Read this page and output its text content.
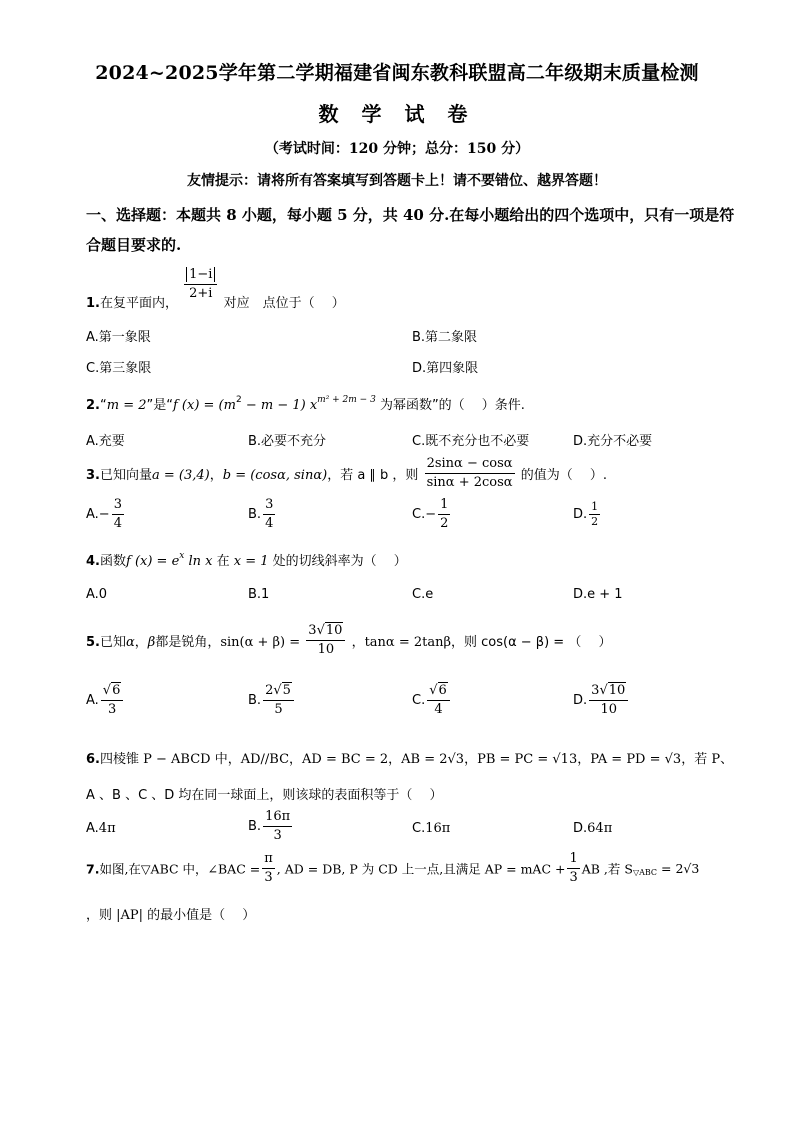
2024~2025学年第二学期福建省闽东教科联盟高二年级期末质量检测
数 学 试 卷
（考试时间：120 分钟；总分：150 分）
友情提示：请将所有答案填写到答题卡上！请不要错位、越界答题！
一、选择题：本题共 8 小题，每小题 5 分，共 40 分.在每小题给出的四个选项中，只有一项是符合题目要求的.
1.在复平面内，
$\frac{1-i}{2+i}$
对应　点位于（　 ）
A.第一象限	B.第二象限
C.第三象限	D.第四象限
2.“m = 2”是“f $(x) = (m^2 - m - 1)$ $x^{m^2 + 2m - 3}$ 为幂函数”的（　 ）条件.
A.充要	B.必要不充分	C.既不充分也不必要	D.充分不必要
3.已知向量a = (3,4)，b = (cosα, sinα)，若 a ∥ b ，则 $\frac{2\sin\alpha - \cos\alpha}{\sin\alpha + 2\cos\alpha}$ 的值为（　 ）.
$A.- \frac{3}{4}$	B. $\frac{3}{4}$	$C.- \frac{1}{2}$	D. $\frac{1}{2}$
4.函数f $(x) = e^x$ ln x 在 x = 1 处的切线斜率为（　 ）
A.0	B.1	C.e	D.e + 1
5.已知α，β都是锐角，$\sin(\alpha + \beta) = \frac{3√10}{10}$ ，tanα = 2tanβ，则 cos(α − β) = （　 ）
A. $\frac{√6}{3}$	B. $\frac{2√5}{5}$	C. $\frac{√6}{4}$	D. $\frac{3√10}{10}$
6.四棱锥 P − ABCD 中，AD//BC，AD = BC = 2，AB = 2√3，PB = PC = √13，PA = PD = √3，若 P、
A 、B 、C 、D 均在同一球面上，则该球的表面积等于（　 ）
A.4π	B. $\frac{16\pi}{3}$	C.16π	D.64π
7.如图,在▽ABC 中，∠BAC = $\frac{\pi}{3}$ , AD = DB, P 为 CD 上一点,且满足 AP = mAC + $\frac{1}{3}$ AB ,若 $S_{▽ABC} = 2√3$
，则 |AP| 的最小值是（　 ）
